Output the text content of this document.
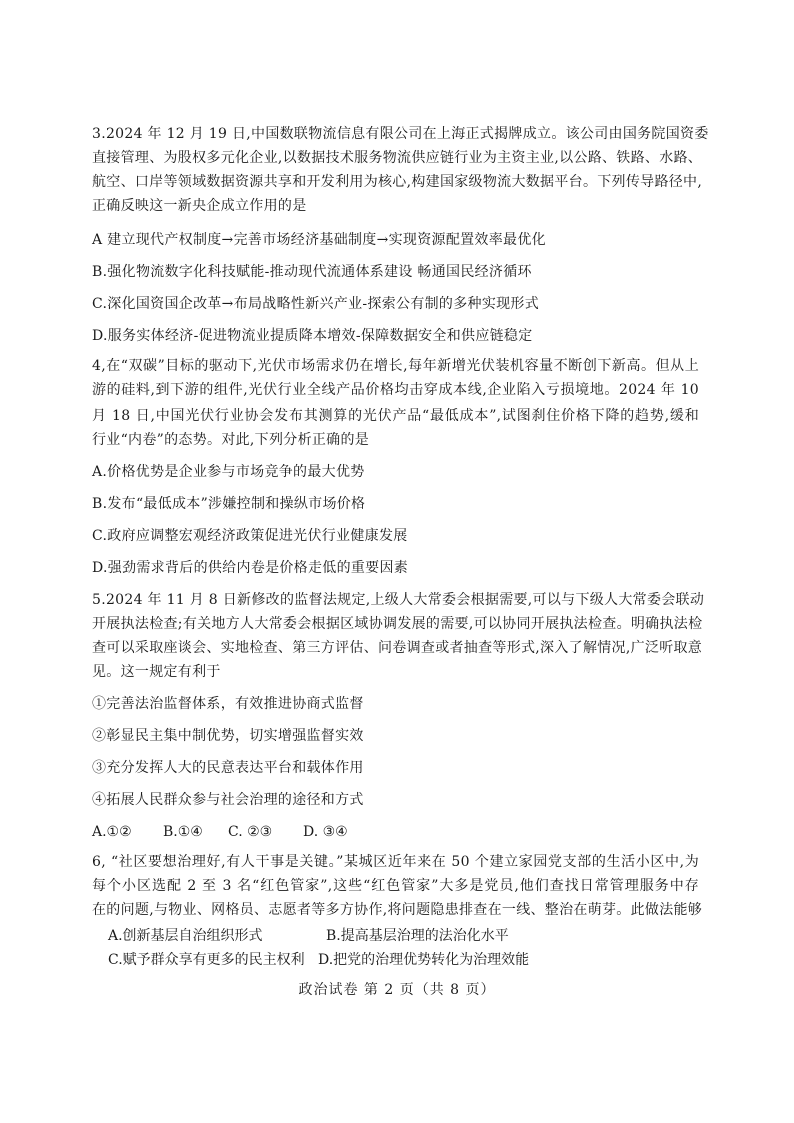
3.2024 年 12 月 19 日,中国数联物流信息有限公司在上海正式揭牌成立。该公司由国务院国资委
直接管理、为股权多元化企业,以数据技术服务物流供应链行业为主资主业,以公路、铁路、水路、
航空、口岸等领域数据资源共享和开发利用为核心,构建国家级物流大数据平台。下列传导路径中,
正确反映这一新央企成立作用的是
A 建立现代产权制度→完善市场经济基础制度→实现资源配置效率最优化
B.强化物流数字化科技赋能-推动现代流通体系建设 畅通国民经济循环
C.深化国资国企改革→布局战略性新兴产业-探索公有制的多种实现形式
D.服务实体经济-促进物流业提质降本增效-保障数据安全和供应链稳定
4,在“双碳”目标的驱动下,光伏市场需求仍在增长,每年新增光伏装机容量不断创下新高。但从上
游的硅料,到下游的组件,光伏行业全线产品价格均击穿成本线,企业陷入亏损境地。2024 年 10
月 18 日,中国光伏行业协会发布其测算的光伏产品“最低成本”,试图刹住价格下降的趋势,缓和
行业“内卷”的态势。对此,下列分析正确的是
A.价格优势是企业参与市场竞争的最大优势
B.发布“最低成本”涉嫌控制和操纵市场价格
C.政府应调整宏观经济政策促进光伏行业健康发展
D.强劲需求背后的供给内卷是价格走低的重要因素
5.2024 年 11 月 8 日新修改的监督法规定,上级人大常委会根据需要,可以与下级人大常委会联动
开展执法检查;有关地方人大常委会根据区域协调发展的需要,可以协同开展执法检查。明确执法检
查可以采取座谈会、实地检查、第三方评估、问卷调查或者抽查等形式,深入了解情况,广泛听取意
见。这一规定有利于
①完善法治监督体系，有效推进协商式监督
②彰显民主集中制优势，切实增强监督实效
③充分发挥人大的民意表达平台和载体作用
④拓展人民群众参与社会治理的途径和方式
A.①② B.①④ C. ②③ D. ③④
6, “社区要想治理好,有人干事是关键。”某城区近年来在 50 个建立家园党支部的生活小区中,为
每个小区选配 2 至 3 名“红色管家”,这些“红色管家”大多是党员,他们查找日常管理服务中存
在的问题,与物业、网格员、志愿者等多方协作,将问题隐患排查在一线、整治在萌芽。此做法能够
A.创新基层自治组织形式	B.提高基层治理的法治化水平
C.赋予群众享有更多的民主权利 D.把党的治理优势转化为治理效能
政治试卷 第 2 页（共 8 页）
